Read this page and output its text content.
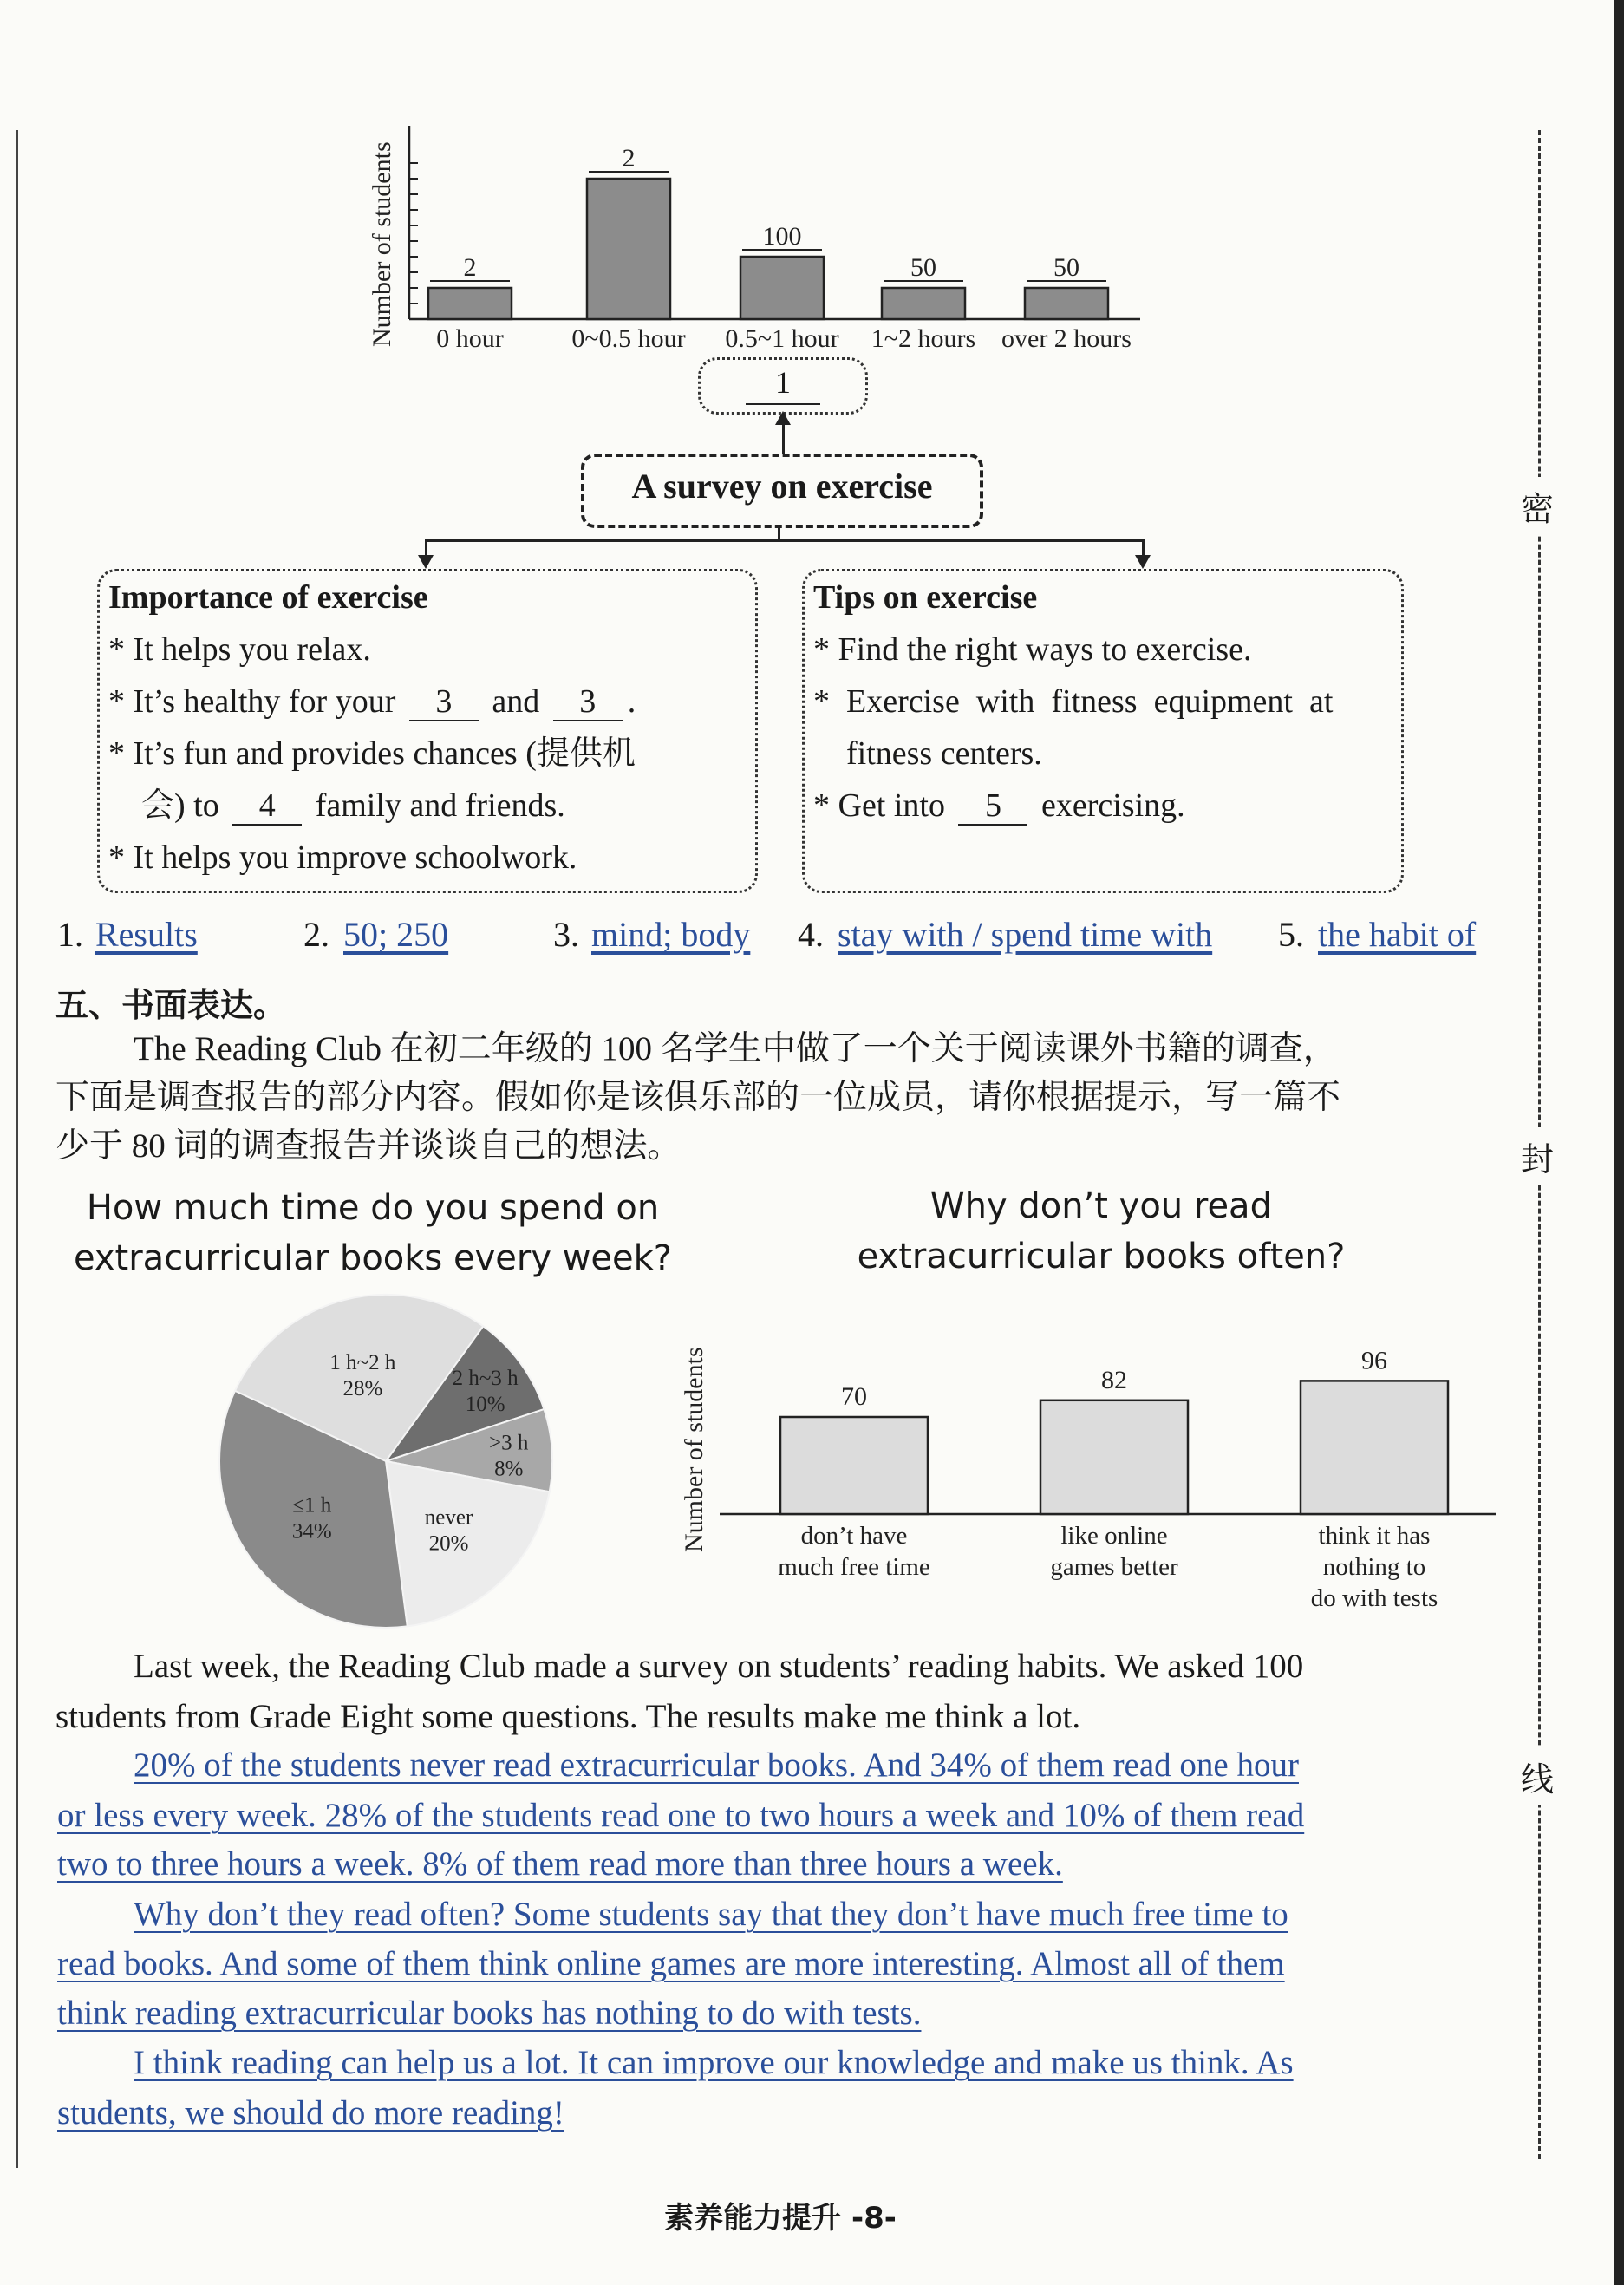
密
封
线
Number of students	2
0 hour
2
0~0.5 hour
100
0.5~1 hour
50
1~2 hours
50
over 2 hours
1
A survey on exercise
Importance of exercise
* It helps you relax.
* It’s healthy for your 3 and 3 .
* It’s fun and provides chances (提供机
会) to 4 family and friends.
* It helps you improve schoolwork.
Tips on exercise
* Find the right ways to exercise.
*  Exercise  with  fitness  equipment  at
fitness centers.
* Get into 5 exercising.
1. Results	2. 50; 250	3. mind; body 4. stay with / spend time with 5. the habit of
五、书面表达。
The Reading Club 在初二年级的 100 名学生中做了一个关于阅读课外书籍的调查，
下面是调查报告的部分内容。假如你是该俱乐部的一位成员，请你根据提示，写一篇不
少于 80 词的调查报告并谈谈自己的想法。
How much time do you spend on
extracurricular books every week?
1 h~2 h
28%	2 h~3 h
10%
>3 h
8%
never
20%
≤1 h
34%
Why don’t you read
extracurricular books often?
Number of students	70
don’t have
much free time
82
like online
games better
96
think it has
nothing to
do with tests
Last week, the Reading Club made a survey on students’ reading habits. We asked 100
students from Grade Eight some questions. The results make me think a lot.
20% of the students never read extracurricular books. And 34% of them read one hour
or less every week. 28% of the students read one to two hours a week and 10% of them read
two to three hours a week. 8% of them read more than three hours a week.
Why don’t they read often? Some students say that they don’t have much free time to
read books. And some of them think online games are more interesting. Almost all of them
think reading extracurricular books has nothing to do with tests.
I think reading can help us a lot. It can improve our knowledge and make us think. As
students, we should do more reading!
素养能力提升 -8-
